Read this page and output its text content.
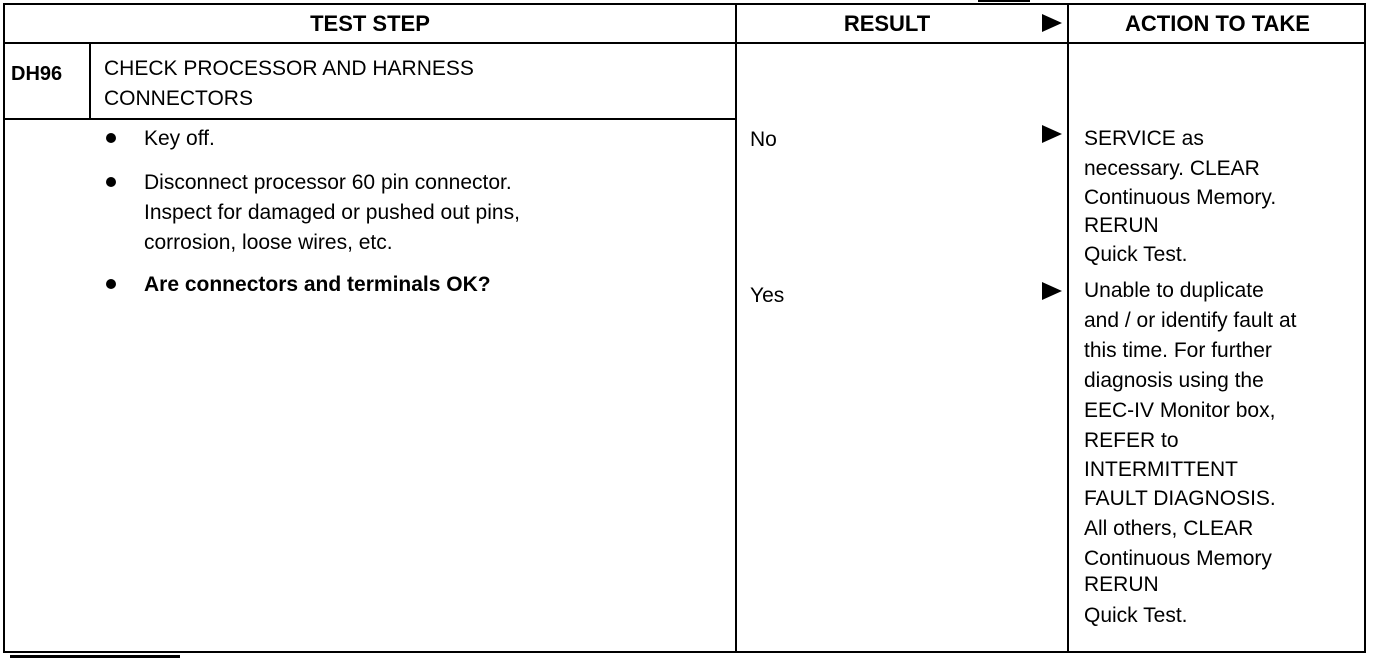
TEST STEP	RESULT	ACTION TO TAKE
DH96 CHECK PROCESSOR AND HARNESS
CONNECTORS
Key off.
Disconnect processor 60 pin connector.
Inspect for damaged or pushed out pins,
corrosion, loose wires, etc.
Are connectors and terminals OK?
No
Yes
SERVICE as
necessary. CLEAR
Continuous Memory.
RERUN
Quick Test.
Unable to duplicate
and / or identify fault at
this time. For further
diagnosis using the
EEC-IV Monitor box,
REFER to
INTERMITTENT
FAULT DIAGNOSIS.
All others, CLEAR
Continuous Memory
RERUN
Quick Test.
